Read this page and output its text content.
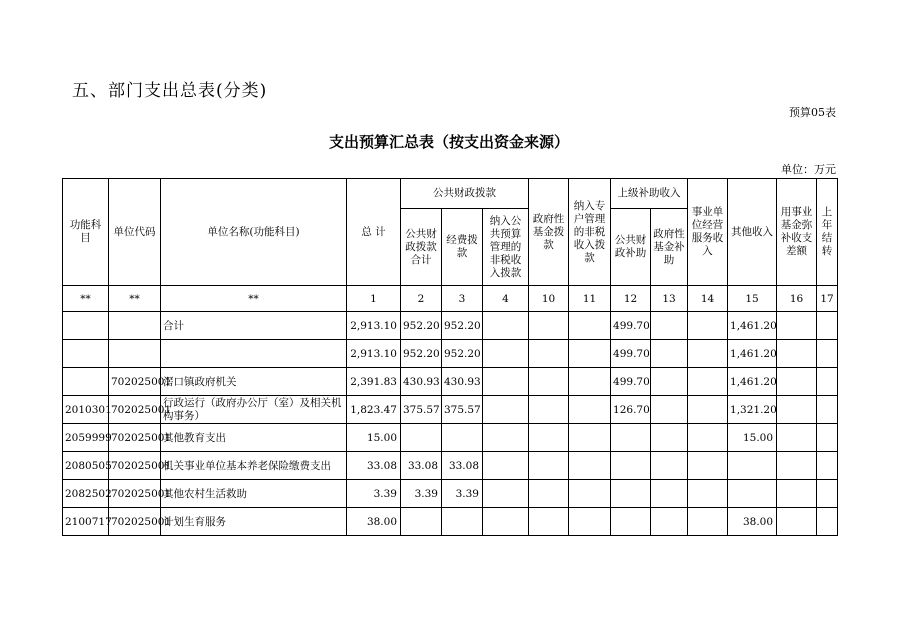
五、部门支出总表(分类)
预算05表
支出预算汇总表（按支出资金来源）
单位：万元
功能科目	单位代码	单位名称(功能科目)	总 计	公共财政拨款			政府性基金拨款	纳入专户管理的非税收入拨款	上级补助收入		事业单位经营服务收入	其他收入	用事业基金弥补收支差额	上年结转
				公共财政拨款合计	经费拨款	纳入公共预算管理的非税收入拨款			公共财政补助	政府性基金补助				
**	**	**	1	2	3	4	10	11	12	13	14	15	16	17
		合计	2,913.10	952.20	952.20				499.70			1,461.20		
			2,913.10	952.20	952.20				499.70			1,461.20		
	702025001	滘口镇政府机关	2,391.83	430.93	430.93				499.70			1,461.20		
2010301	702025001	行政运行（政府办公厅（室）及相关机构事务）	1,823.47	375.57	375.57				126.70			1,321.20		
2059999	702025001	其他教育支出	15.00									15.00		
2080505	702025001	机关事业单位基本养老保险缴费支出	33.08	33.08	33.08									
2082502	702025001	其他农村生活救助	3.39	3.39	3.39									
2100717	702025001	计划生育服务	38.00									38.00		
